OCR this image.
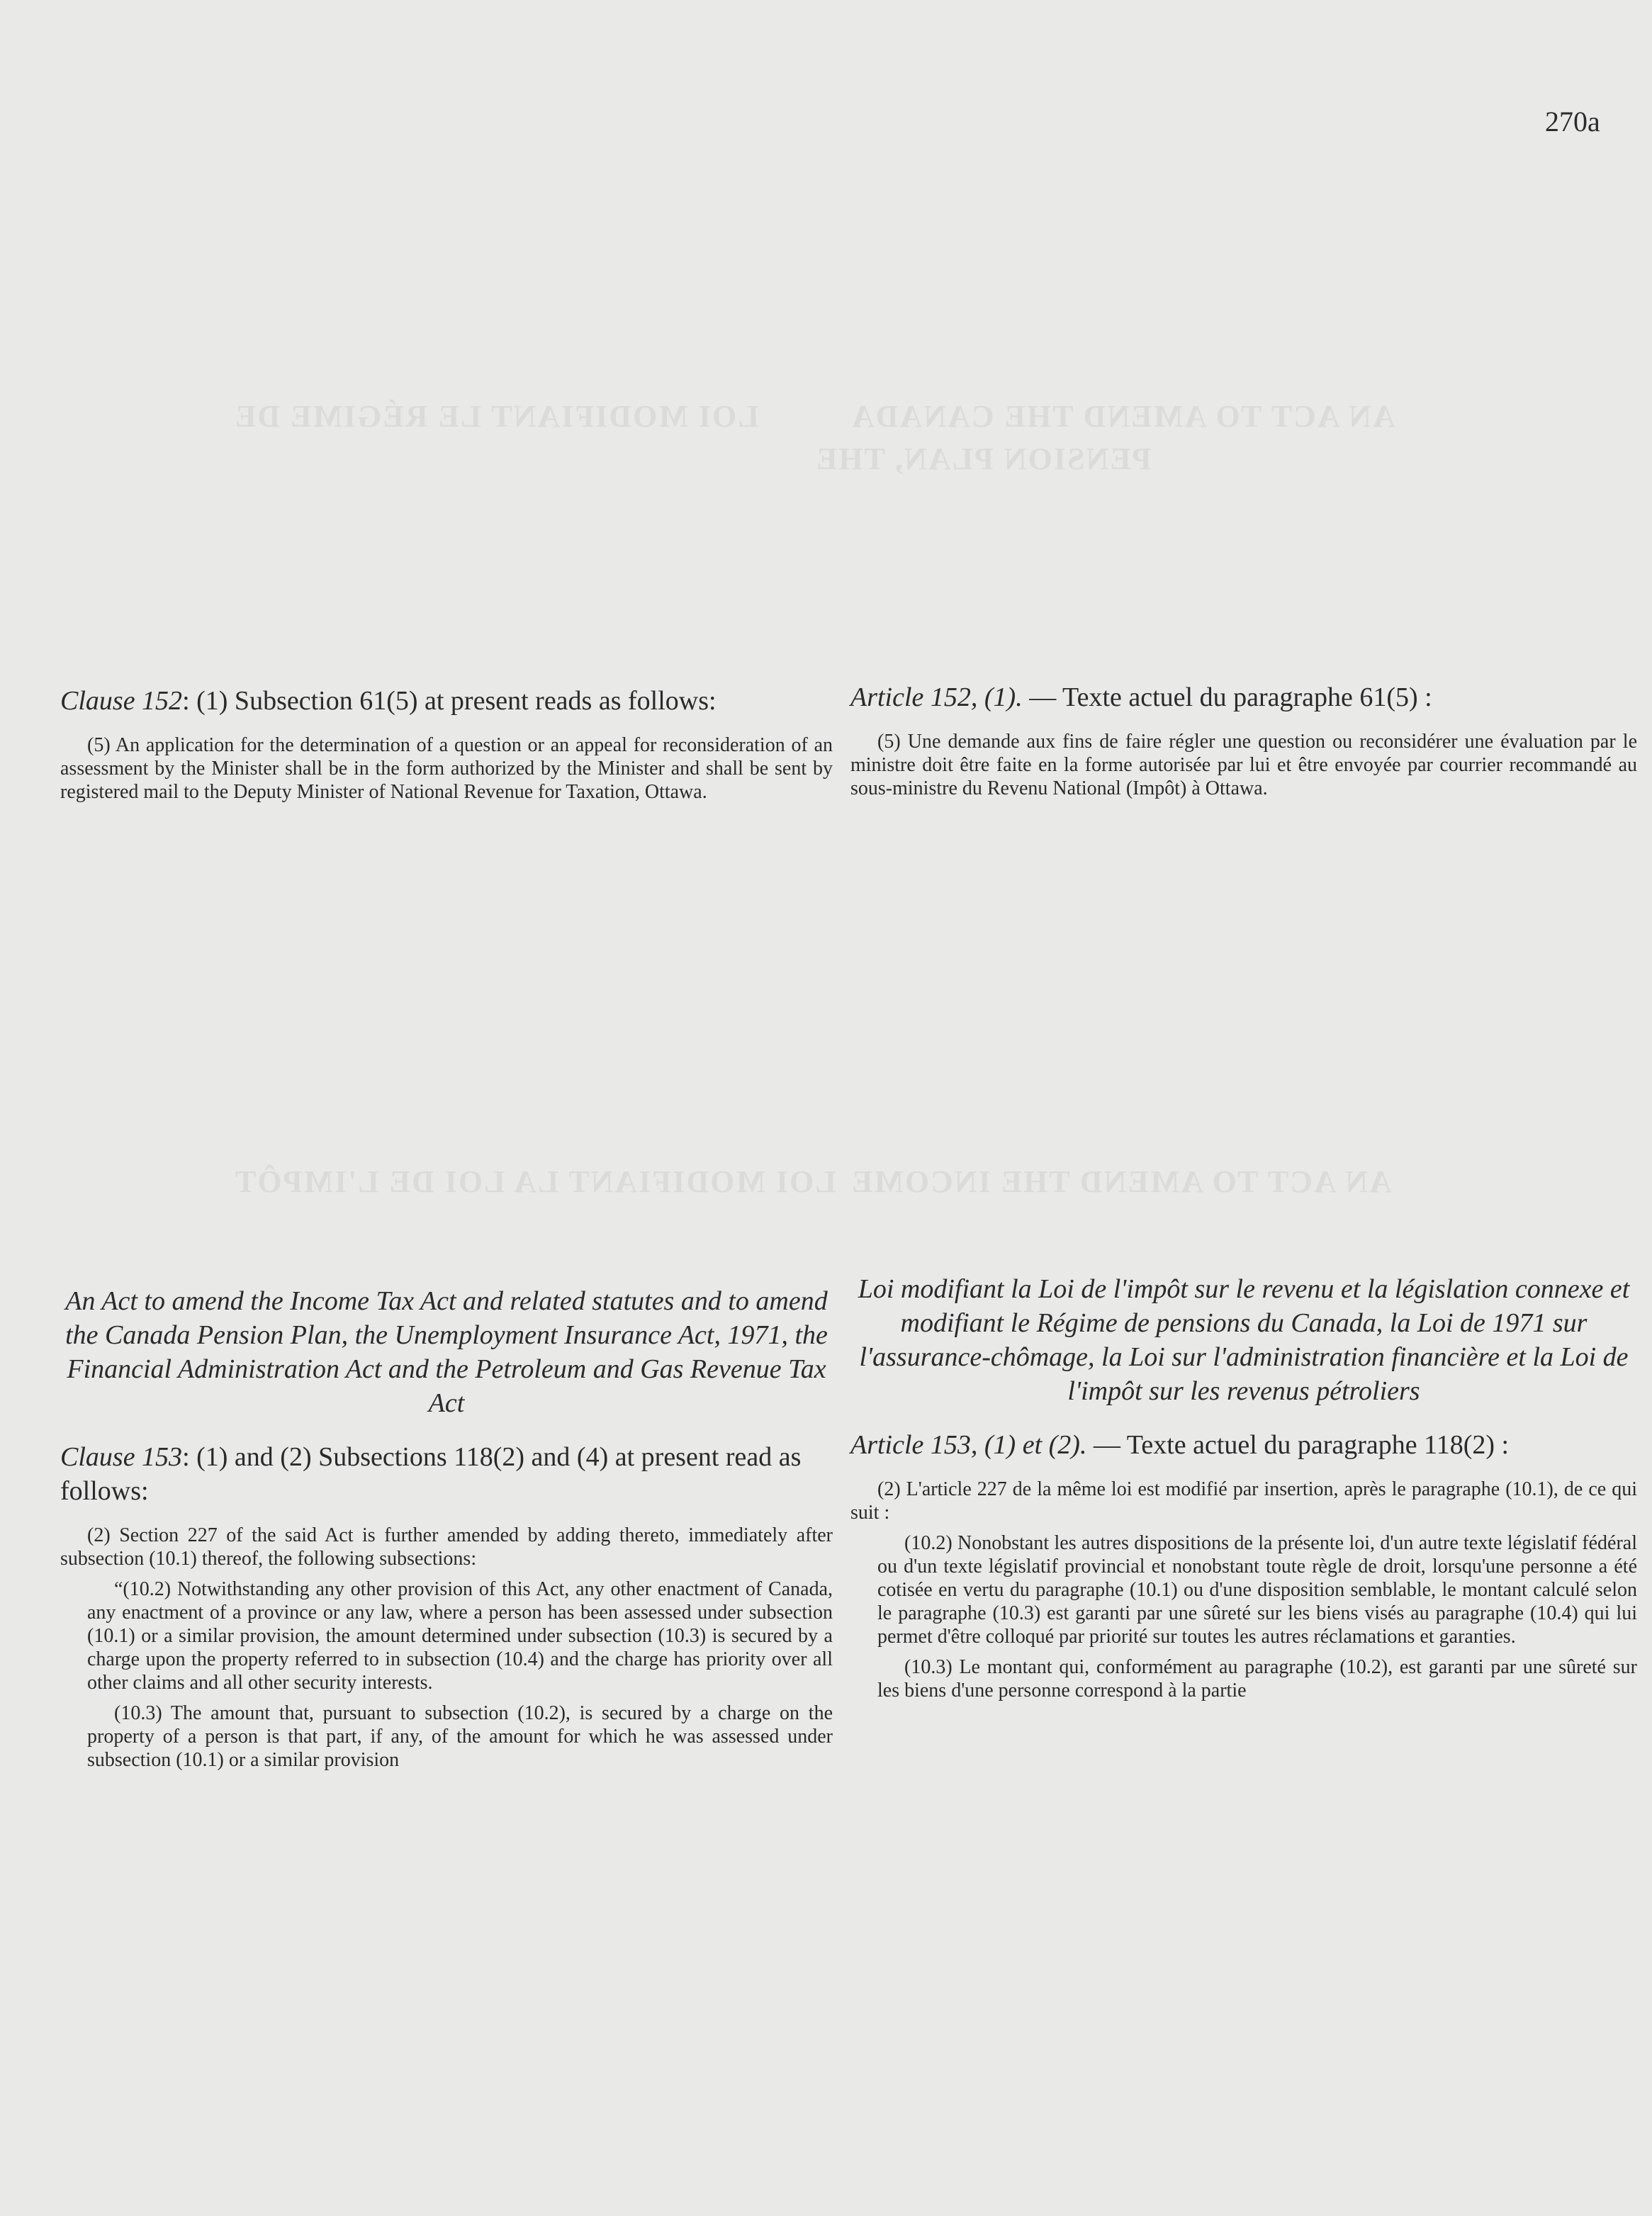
AN ACT TO AMEND THE CANADA
PENSION PLAN, THE
LOI MODIFIANT LE RÉGIME DE
LOI MODIFIANT LA LOI DE L'IMPÔT AN ACT TO AMEND THE INCOME
270a

Clause 152: (1) Subsection 61(5) at present reads as follows:

(5) An application for the determination of a question or an appeal for reconsideration of an assessment by the Minister shall be in the form authorized by the Minister and shall be sent by registered mail to the Deputy Minister of National Revenue for Taxation, Ottawa.

Article 152, (1). — Texte actuel du paragraphe 61(5) :

(5) Une demande aux fins de faire régler une question ou reconsidérer une évaluation par le ministre doit être faite en la forme autorisée par lui et être envoyée par courrier recommandé au sous-ministre du Revenu National (Impôt) à Ottawa.

An Act to amend the Income Tax Act and related statutes and to amend the Canada Pension Plan, the Unemployment Insurance Act, 1971, the Financial Administration Act and the Petroleum and Gas Revenue Tax Act

Clause 153: (1) and (2) Subsections 118(2) and (4) at present read as follows:

(2) Section 227 of the said Act is further amended by adding thereto, immediately after subsection (10.1) thereof, the following subsections:

“(10.2) Notwithstanding any other provision of this Act, any other enactment of Canada, any enactment of a province or any law, where a person has been assessed under subsection (10.1) or a similar provision, the amount determined under subsection (10.3) is secured by a charge upon the property referred to in subsection (10.4) and the charge has priority over all other claims and all other security interests.

(10.3) The amount that, pursuant to subsection (10.2), is secured by a charge on the property of a person is that part, if any, of the amount for which he was assessed under subsection (10.1) or a similar provision

Loi modifiant la Loi de l'impôt sur le revenu et la législation connexe et modifiant le Régime de pensions du Canada, la Loi de 1971 sur l'assurance-chômage, la Loi sur l'administration financière et la Loi de l'impôt sur les revenus pétroliers

Article 153, (1) et (2). — Texte actuel du paragraphe 118(2) :

(2) L'article 227 de la même loi est modifié par insertion, après le paragraphe (10.1), de ce qui suit :

(10.2) Nonobstant les autres dispositions de la présente loi, d'un autre texte législatif fédéral ou d'un texte législatif provincial et nonobstant toute règle de droit, lorsqu'une personne a été cotisée en vertu du paragraphe (10.1) ou d'une disposition semblable, le montant calculé selon le paragraphe (10.3) est garanti par une sûreté sur les biens visés au paragraphe (10.4) qui lui permet d'être colloqué par priorité sur toutes les autres réclamations et garanties.

(10.3) Le montant qui, conformément au paragraphe (10.2), est garanti par une sûreté sur les biens d'une personne correspond à la partie
